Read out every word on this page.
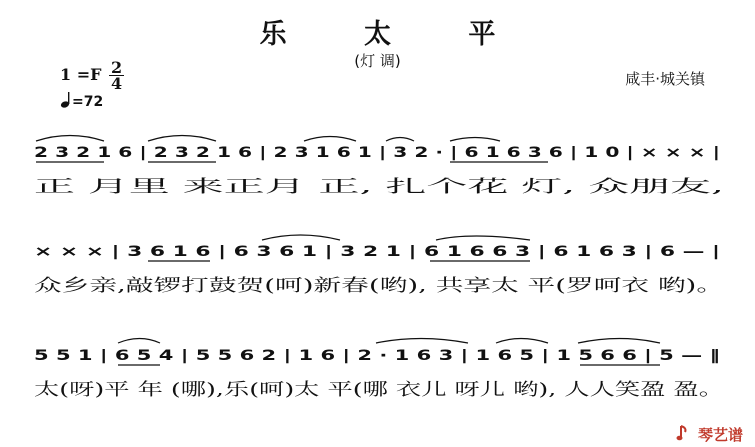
乐 太 平
(灯 调)
$1 =F \frac{2}{4}$
=72
咸丰·城关镇
2 3 2 1 6 | 2 3 2 1 6 | 2 3 1 6 1 | 3 2 · | 6 1 6 3 6 | 1 0 | × × × |
× × × | 3 6 1 6 | 6 3 6 1 | 3 2 1 | 6 1 6 6 3 | 6 1 6 3 | 6 — |
5 5 1 | 6 5 4 | 5 5 6 2 | 1 6 | 2 · 1 6 3 | 1 6 5 | 1 5 6 6 | 5 — ‖
正 月里 来正月 正, 扎个花 灯, 众朋友,
众乡亲,敲锣打鼓贺(呵)新春(哟), 共享太 平(罗呵衣 哟)。
太(呀)平 年 (哪),乐(呵)太 平(哪 衣儿 呀儿 哟), 人人笑盈 盈。
琴艺谱
